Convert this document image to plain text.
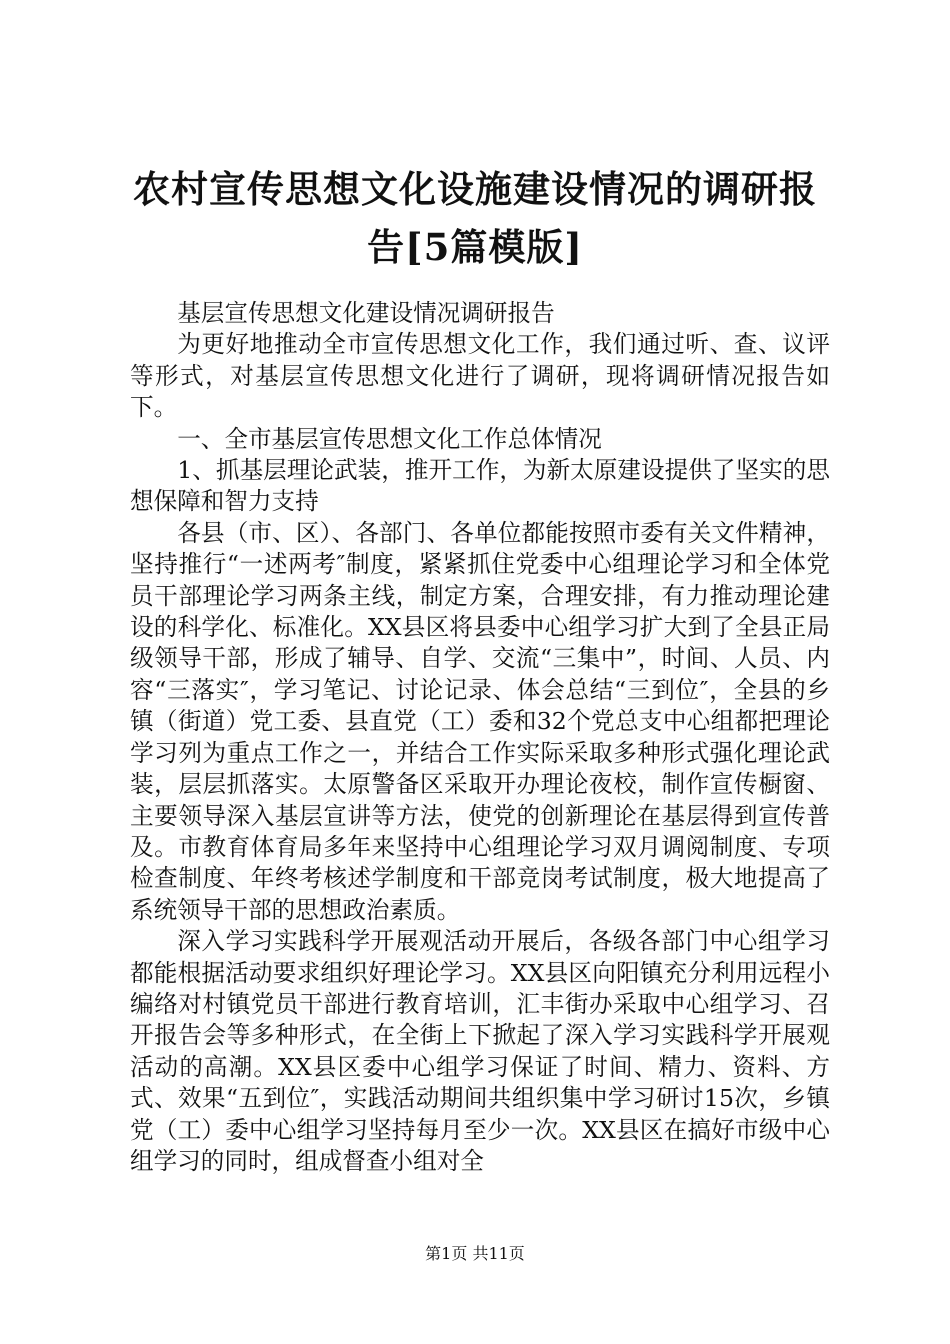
农村宣传思想文化设施建设情况的调研报告[5篇模版]

基层宣传思想文化建设情况调研报告

为更好地推动全市宣传思想文化工作，我们通过听、查、议评等形式，对基层宣传思想文化进行了调研，现将调研情况报告如下。

一、全市基层宣传思想文化工作总体情况

1、抓基层理论武装，推开工作，为新太原建设提供了坚实的思想保障和智力支持

各县（市、区）、各部门、各单位都能按照市委有关文件精神，坚持推行“一述两考″制度，紧紧抓住党委中心组理论学习和全体党员干部理论学习两条主线，制定方案，合理安排，有力推动理论建设的科学化、标准化。XX县区将县委中心组学习扩大到了全县正局级领导干部，形成了辅导、自学、交流“三集中”，时间、人员、内容“三落实″，学习笔记、讨论记录、体会总结“三到位″，全县的乡镇（街道）党工委、县直党（工）委和32个党总支中心组都把理论学习列为重点工作之一，并结合工作实际采取多种形式强化理论武装，层层抓落实。太原警备区采取开办理论夜校，制作宣传橱窗、主要领导深入基层宣讲等方法，使党的创新理论在基层得到宣传普及。市教育体育局多年来坚持中心组理论学习双月调阅制度、专项检查制度、年终考核述学制度和干部竞岗考试制度，极大地提高了系统领导干部的思想政治素质。

深入学习实践科学开展观活动开展后，各级各部门中心组学习都能根据活动要求组织好理论学习。XX县区向阳镇充分利用远程小编络对村镇党员干部进行教育培训，汇丰街办采取中心组学习、召开报告会等多种形式，在全街上下掀起了深入学习实践科学开展观活动的高潮。XX县区委中心组学习保证了时间、精力、资料、方式、效果“五到位″，实践活动期间共组织集中学习研讨15次，乡镇党（工）委中心组学习坚持每月至少一次。XX县区在搞好市级中心组学习的同时，组成督查小组对全

第1页 共11页
